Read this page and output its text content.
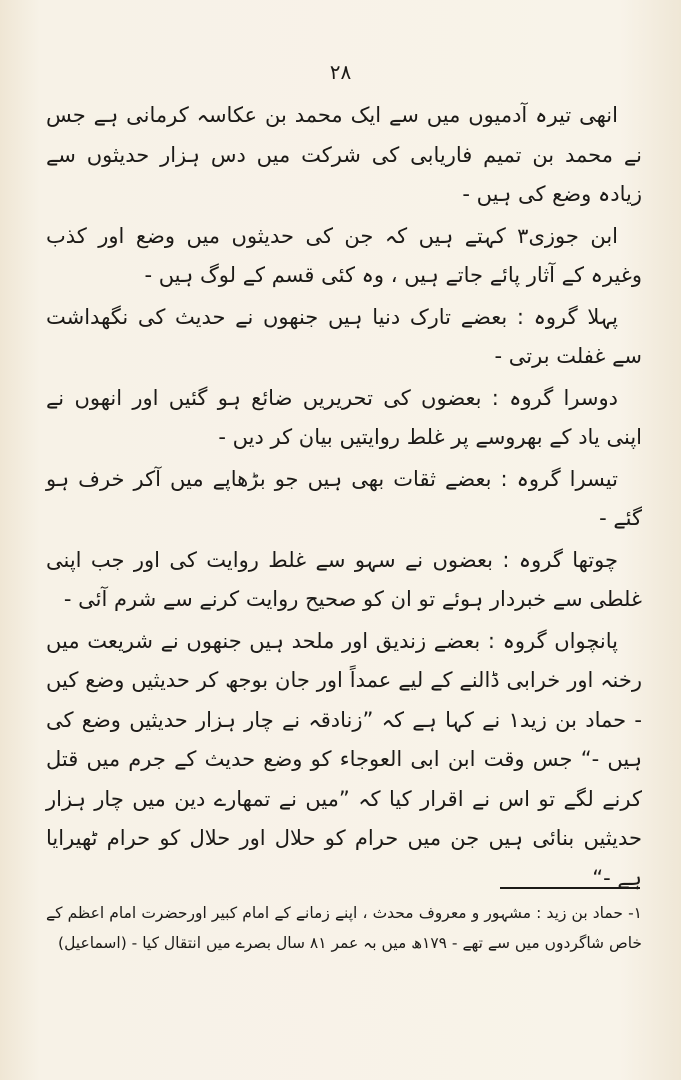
۲۸

انھی تیرہ آدمیوں میں سے ایک محمد بن عکاسہ کرمانی ہے جس نے محمد بن تمیم فاریابی کی شرکت میں دس ہزار حدیثوں سے زیادہ وضع کی ہیں -

ابن جوزی۳ کہتے ہیں کہ جن کی حدیثوں میں وضع اور کذب وغیرہ کے آثار پائے جاتے ہیں ، وہ کئی قسم کے لوگ ہیں -

پہلا گروہ : بعضے تارک دنیا ہیں جنھوں نے حدیث کی نگھداشت سے غفلت برتی -

دوسرا گروہ : بعضوں کی تحریریں ضائع ہو گئیں اور انھوں نے اپنی یاد کے بھروسے پر غلط روایتیں بیان کر دیں -

تیسرا گروہ : بعضے ثقات بھی ہیں جو بڑھاپے میں آکر خرف ہو گئے -

چوتھا گروہ : بعضوں نے سہو سے غلط روایت کی اور جب اپنی غلطی سے خبردار ہوئے تو ان کو صحیح روایت کرنے سے شرم آئی -

پانچواں گروہ : بعضے زندیق اور ملحد ہیں جنھوں نے شریعت میں رخنہ اور خرابی ڈالنے کے لیے عمداً اور جان بوجھ کر حدیثیں وضع کیں - حماد بن زید۱ نے کہا ہے کہ ”زنادقہ نے چار ہزار حدیثیں وضع کی ہیں -“ جس وقت ابن ابی العوجاء کو وضع حدیث کے جرم میں قتل کرنے لگے تو اس نے اقرار کیا کہ ”میں نے تمھارے دین میں چار ہزار حدیثیں بنائی ہیں جن میں حرام کو حلال اور حلال کو حرام ٹھیرایا ہے -“

۱- حماد بن زید : مشہور و معروف محدث ، اپنے زمانے کے امام کبیر اورحضرت امام اعظم کے خاص شاگردوں میں سے تھے - ۱۷۹ھ میں بہ عمر ۸۱ سال بصرے میں انتقال کیا - (اسماعیل)
